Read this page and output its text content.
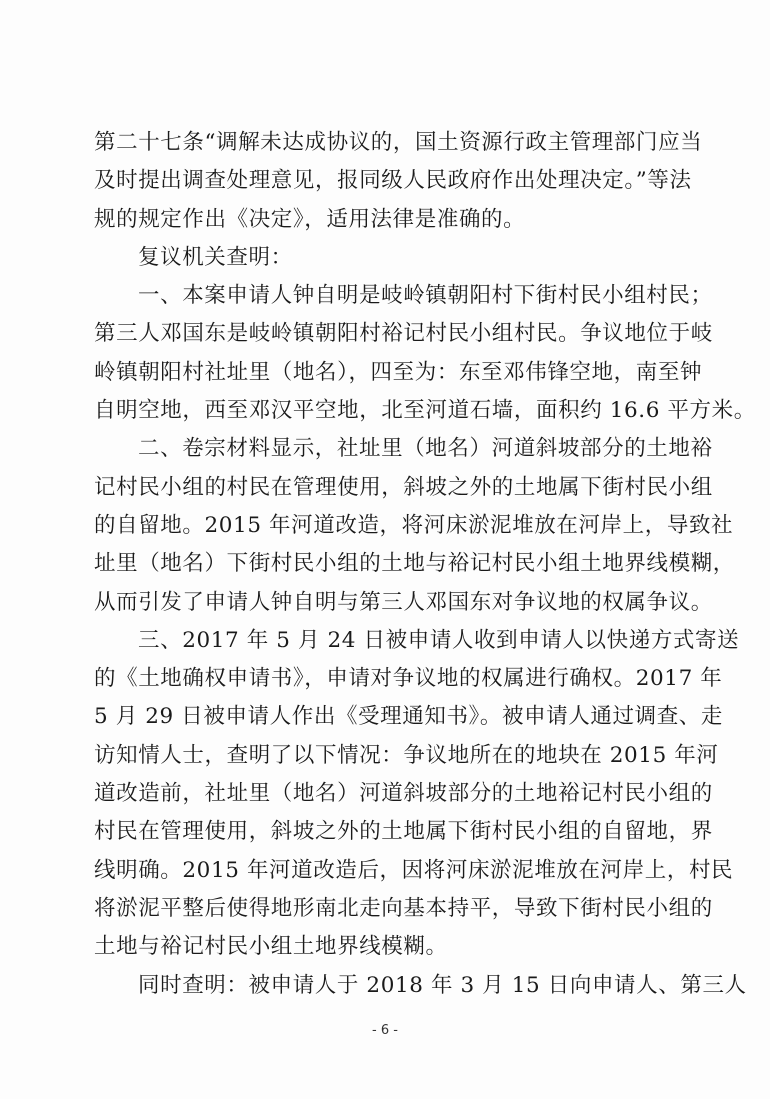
第二十七条“调解未达成协议的，国土资源行政主管理部门应当
及时提出调查处理意见，报同级人民政府作出处理决定。”等法
规的规定作出《决定》，适用法律是准确的。
复议机关查明：
一、本案申请人钟自明是岐岭镇朝阳村下街村民小组村民；
第三人邓国东是岐岭镇朝阳村裕记村民小组村民。争议地位于岐
岭镇朝阳村社址里（地名），四至为：东至邓伟锋空地，南至钟
自明空地，西至邓汉平空地，北至河道石墙，面积约 16.6 平方米。
二、卷宗材料显示，社址里（地名）河道斜坡部分的土地裕
记村民小组的村民在管理使用，斜坡之外的土地属下街村民小组
的自留地。2015 年河道改造，将河床淤泥堆放在河岸上，导致社
址里（地名）下街村民小组的土地与裕记村民小组土地界线模糊，
从而引发了申请人钟自明与第三人邓国东对争议地的权属争议。
三、2017 年 5 月 24 日被申请人收到申请人以快递方式寄送
的《土地确权申请书》，申请对争议地的权属进行确权。2017 年
5 月 29 日被申请人作出《受理通知书》。被申请人通过调查、走
访知情人士，查明了以下情况：争议地所在的地块在 2015 年河
道改造前，社址里（地名）河道斜坡部分的土地裕记村民小组的
村民在管理使用，斜坡之外的土地属下街村民小组的自留地，界
线明确。2015 年河道改造后，因将河床淤泥堆放在河岸上，村民
将淤泥平整后使得地形南北走向基本持平，导致下街村民小组的
土地与裕记村民小组土地界线模糊。
同时查明：被申请人于 2018 年 3 月 15 日向申请人、第三人
- 6 -
